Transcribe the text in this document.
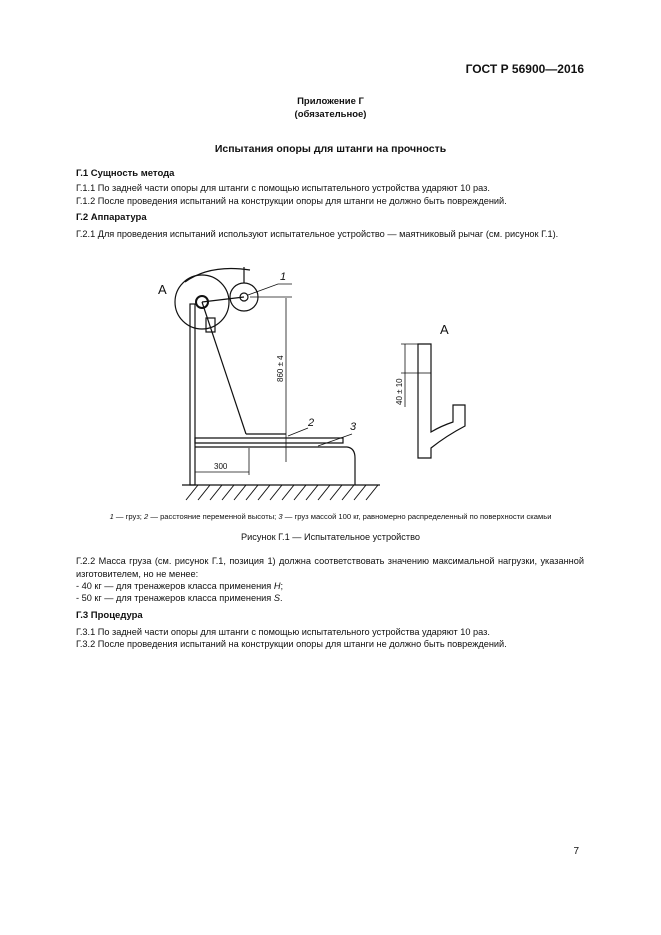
ГОСТ Р 56900—2016
Приложение Г
(обязательное)
Испытания опоры для штанги на прочность
Г.1 Сущность метода
Г.1.1 По задней части опоры для штанги с помощью испытательного устройства ударяют 10 раз.
Г.1.2 После проведения испытаний на конструкции опоры для штанги не должно быть повреждений.
Г.2 Аппаратура
Г.2.1 Для проведения испытаний используют испытательное устройство — маятниковый рычаг (см. рисунок Г.1).
A
A
1
2	3
300
860 ± 4
40 ± 10
1 — груз; 2 — расстояние переменной высоты; 3 — груз массой 100 кг, равномерно распределенный по поверхности скамьи
Рисунок Г.1 — Испытательное устройство
Г.2.2 Масса груза (см. рисунок Г.1, позиция 1) должна соответствовать значению максимальной нагрузки, указанной изготовителем, но не менее:
- 40 кг — для тренажеров класса применения H;
- 50 кг — для тренажеров класса применения S.
Г.3 Процедура
Г.3.1 По задней части опоры для штанги с помощью испытательного устройства ударяют 10 раз.
Г.3.2 После проведения испытаний на конструкции опоры для штанги не должно быть повреждений.
7
